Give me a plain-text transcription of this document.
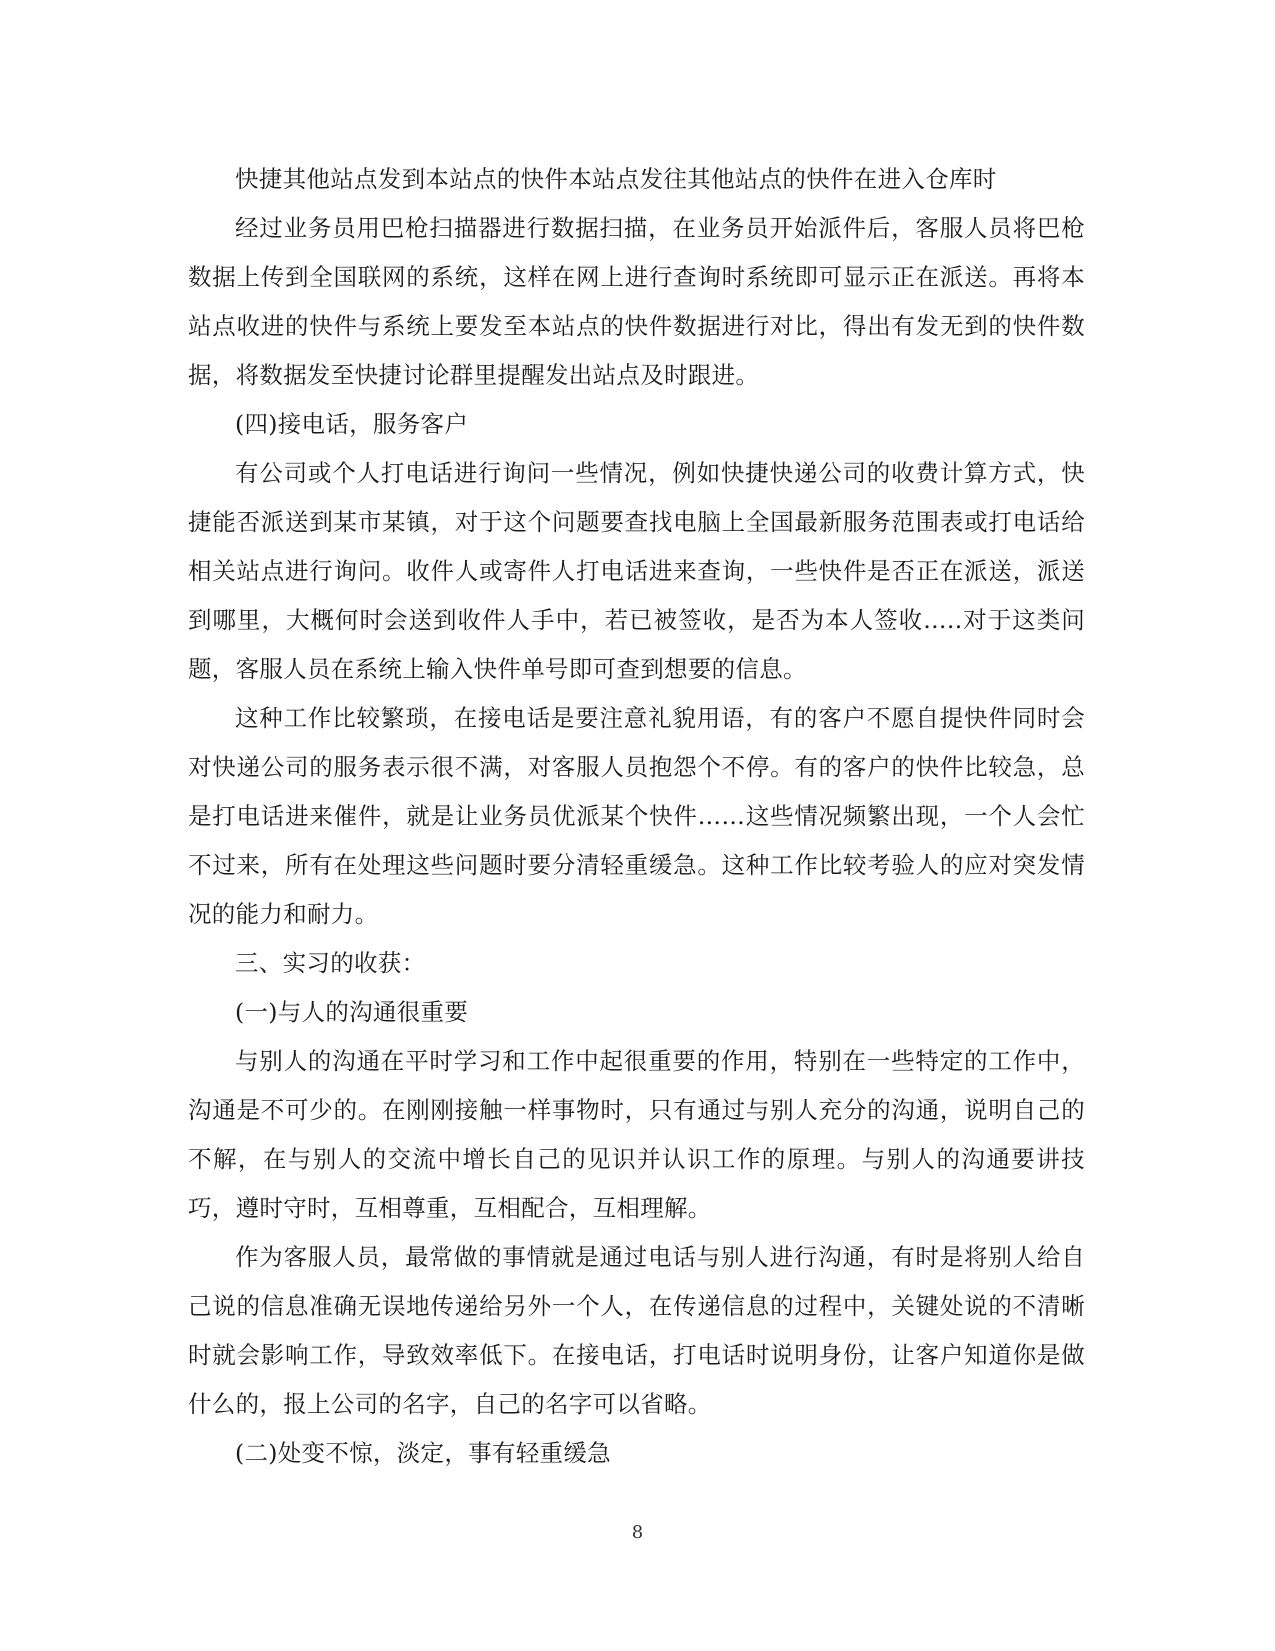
快捷其他站点发到本站点的快件本站点发往其他站点的快件在进入仓库时

经过业务员用巴枪扫描器进行数据扫描，在业务员开始派件后，客服人员将巴枪数据上传到全国联网的系统，这样在网上进行查询时系统即可显示正在派送。再将本站点收进的快件与系统上要发至本站点的快件数据进行对比，得出有发无到的快件数据，将数据发至快捷讨论群里提醒发出站点及时跟进。

(四)接电话，服务客户

有公司或个人打电话进行询问一些情况，例如快捷快递公司的收费计算方式，快捷能否派送到某市某镇，对于这个问题要查找电脑上全国最新服务范围表或打电话给相关站点进行询问。收件人或寄件人打电话进来查询，一些快件是否正在派送，派送到哪里，大概何时会送到收件人手中，若已被签收，是否为本人签收…..对于这类问题，客服人员在系统上输入快件单号即可查到想要的信息。

这种工作比较繁琐，在接电话是要注意礼貌用语，有的客户不愿自提快件同时会对快递公司的服务表示很不满，对客服人员抱怨个不停。有的客户的快件比较急，总是打电话进来催件，就是让业务员优派某个快件……这些情况频繁出现，一个人会忙不过来，所有在处理这些问题时要分清轻重缓急。这种工作比较考验人的应对突发情况的能力和耐力。

三、实习的收获：

(一)与人的沟通很重要

与别人的沟通在平时学习和工作中起很重要的作用，特别在一些特定的工作中，沟通是不可少的。在刚刚接触一样事物时，只有通过与别人充分的沟通，说明自己的不解，在与别人的交流中增长自己的见识并认识工作的原理。与别人的沟通要讲技巧，遵时守时，互相尊重，互相配合，互相理解。

作为客服人员，最常做的事情就是通过电话与别人进行沟通，有时是将别人给自己说的信息准确无误地传递给另外一个人，在传递信息的过程中，关键处说的不清晰时就会影响工作，导致效率低下。在接电话，打电话时说明身份，让客户知道你是做什么的，报上公司的名字，自己的名字可以省略。

(二)处变不惊，淡定，事有轻重缓急

8
